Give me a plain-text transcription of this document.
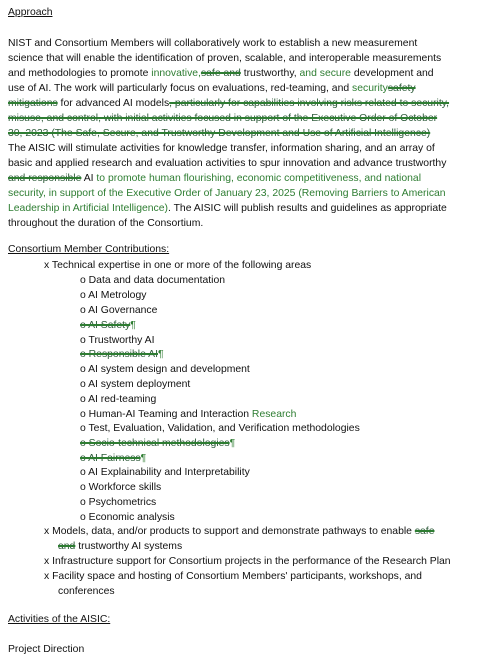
Approach
NIST and Consortium Members will collaboratively work to establish a new measurement
science that will enable the identification of proven, scalable, and interoperable measurements
and methodologies to promote innovative,safe and trustworthy, and secure development and
use of AI. The work will particularly focus on evaluations, red-teaming, and securitysafety
mitigations for advanced AI models, particularly for capabilities involving risks related to security,
misuse, and control, with initial activities focused in support of the Executive Order of October
30, 2023 (The Safe, Secure, and Trustworthy Development and Use of Artificial Intelligence)
The AISIC will stimulate activities for knowledge transfer, information sharing, and an array of
basic and applied research and evaluation activities to spur innovation and advance trustworthy
and responsible AI to promote human flourishing, economic competitiveness, and national
security, in support of the Executive Order of January 23, 2025 (Removing Barriers to American
Leadership in Artificial Intelligence). The AISIC will publish results and guidelines as appropriate
throughout the duration of the Consortium.
Consortium Member Contributions:
x Technical expertise in one or more of the following areas
o Data and data documentation
o AI Metrology
o AI Governance
o AI Safety¶
o Trustworthy AI
o Responsible AI¶
o AI system design and development
o AI system deployment
o AI red-teaming
o Human-AI Teaming and Interaction Research
o Test, Evaluation, Validation, and Verification methodologies
o Socio-technical methodologies¶
o AI Fairness¶
o AI Explainability and Interpretability
o Workforce skills
o Psychometrics
o Economic analysis
x Models, data, and/or products to support and demonstrate pathways to enable safe
and trustworthy AI systems
x Infrastructure support for Consortium projects in the performance of the Research Plan
x Facility space and hosting of Consortium Members' participants, workshops, and
conferences
Activities of the AISIC:
Project Direction
